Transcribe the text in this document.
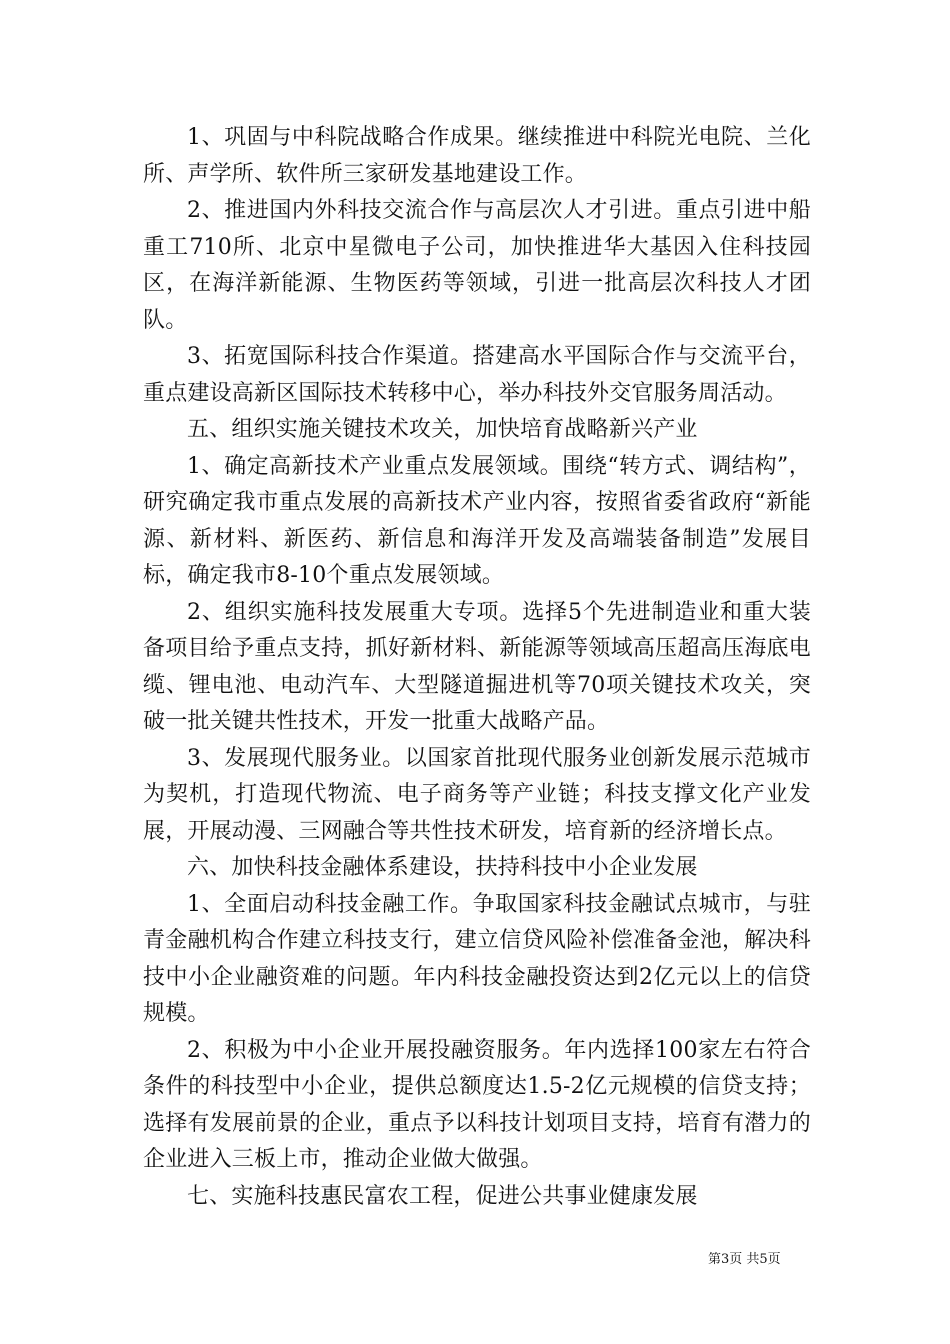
1、巩固与中科院战略合作成果。继续推进中科院光电院、兰化所、声学所、软件所三家研发基地建设工作。

2、推进国内外科技交流合作与高层次人才引进。重点引进中船重工710所、北京中星微电子公司，加快推进华大基因入住科技园区，在海洋新能源、生物医药等领域，引进一批高层次科技人才团队。

3、拓宽国际科技合作渠道。搭建高水平国际合作与交流平台，重点建设高新区国际技术转移中心，举办科技外交官服务周活动。

五、组织实施关键技术攻关，加快培育战略新兴产业

1、确定高新技术产业重点发展领域。围绕“转方式、调结构”，研究确定我市重点发展的高新技术产业内容，按照省委省政府“新能源、新材料、新医药、新信息和海洋开发及高端装备制造”发展目标，确定我市8-10个重点发展领域。

2、组织实施科技发展重大专项。选择5个先进制造业和重大装备项目给予重点支持，抓好新材料、新能源等领域高压超高压海底电缆、锂电池、电动汽车、大型隧道掘进机等70项关键技术攻关，突破一批关键共性技术，开发一批重大战略产品。

3、发展现代服务业。以国家首批现代服务业创新发展示范城市为契机，打造现代物流、电子商务等产业链；科技支撑文化产业发展，开展动漫、三网融合等共性技术研发，培育新的经济增长点。

六、加快科技金融体系建设，扶持科技中小企业发展

1、全面启动科技金融工作。争取国家科技金融试点城市，与驻青金融机构合作建立科技支行，建立信贷风险补偿准备金池，解决科技中小企业融资难的问题。年内科技金融投资达到2亿元以上的信贷规模。

2、积极为中小企业开展投融资服务。年内选择100家左右符合条件的科技型中小企业，提供总额度达1.5-2亿元规模的信贷支持；选择有发展前景的企业，重点予以科技计划项目支持，培育有潜力的企业进入三板上市，推动企业做大做强。

七、实施科技惠民富农工程，促进公共事业健康发展

第3页 共5页
